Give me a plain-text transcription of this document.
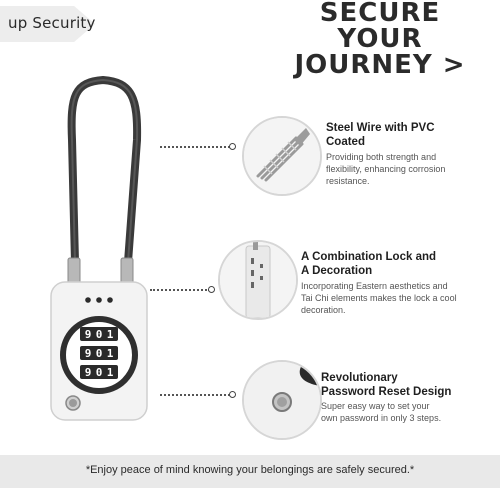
up Security	SECURE
YOUR
JOURNEY >
9 0 1
9 0 1
9 0 1
Steel Wire with PVC
Coated
Providing both strength and
flexibility, enhancing corrosion
resistance.
A Combination Lock and
A Decoration
Incorporating Eastern aesthetics and
Tai Chi elements makes the lock a cool
decoration.
Revolutionary
Password Reset Design
Super easy way to set your
own password in only 3 steps.
*Enjoy peace of mind knowing your belongings are safely secured.*
